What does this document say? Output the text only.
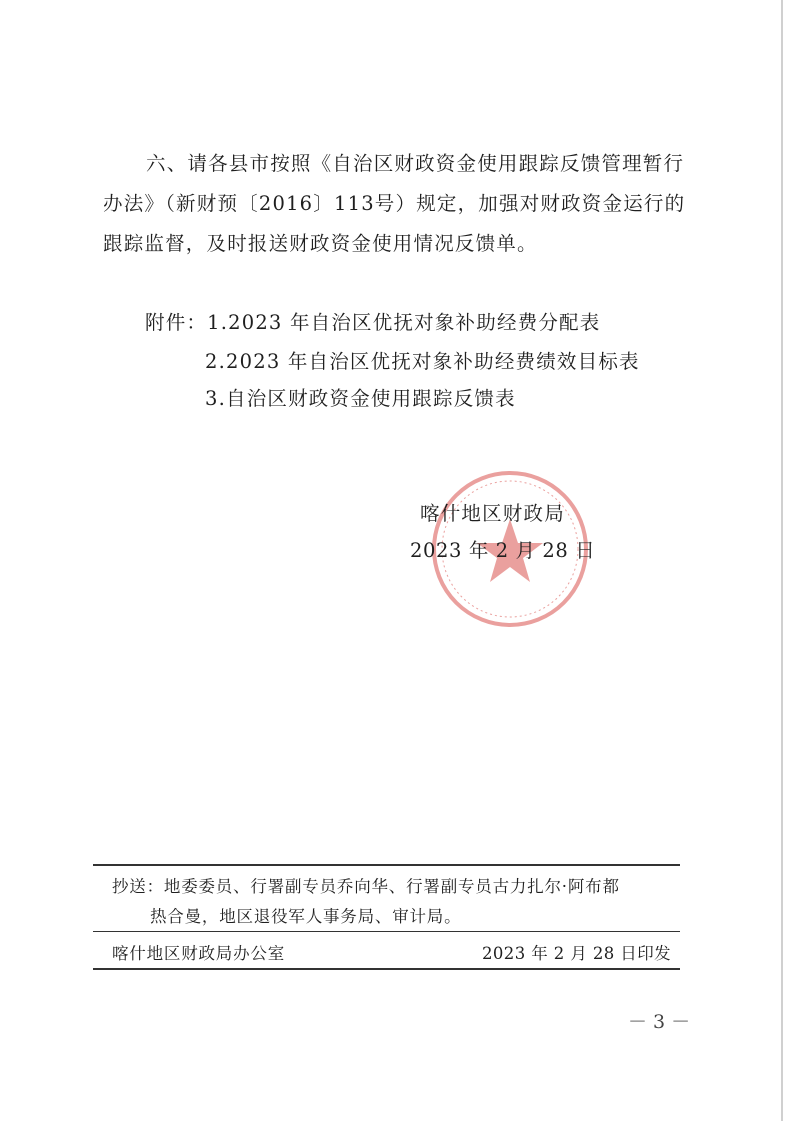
六、请各县市按照《自治区财政资金使用跟踪反馈管理暂行
办法》（新财预〔2016〕113号）规定，加强对财政资金运行的
跟踪监督，及时报送财政资金使用情况反馈单。
附件：1.2023 年自治区优抚对象补助经费分配表
2.2023 年自治区优抚对象补助经费绩效目标表
3.自治区财政资金使用跟踪反馈表
喀什地区财政局
2023 年 2 月 28 日
抄送：地委委员、行署副专员乔向华、行署副专员古力扎尔·阿布都
热合曼，地区退役军人事务局、审计局。
喀什地区财政局办公室	2023 年 2 月 28 日印发
－ 3 －
